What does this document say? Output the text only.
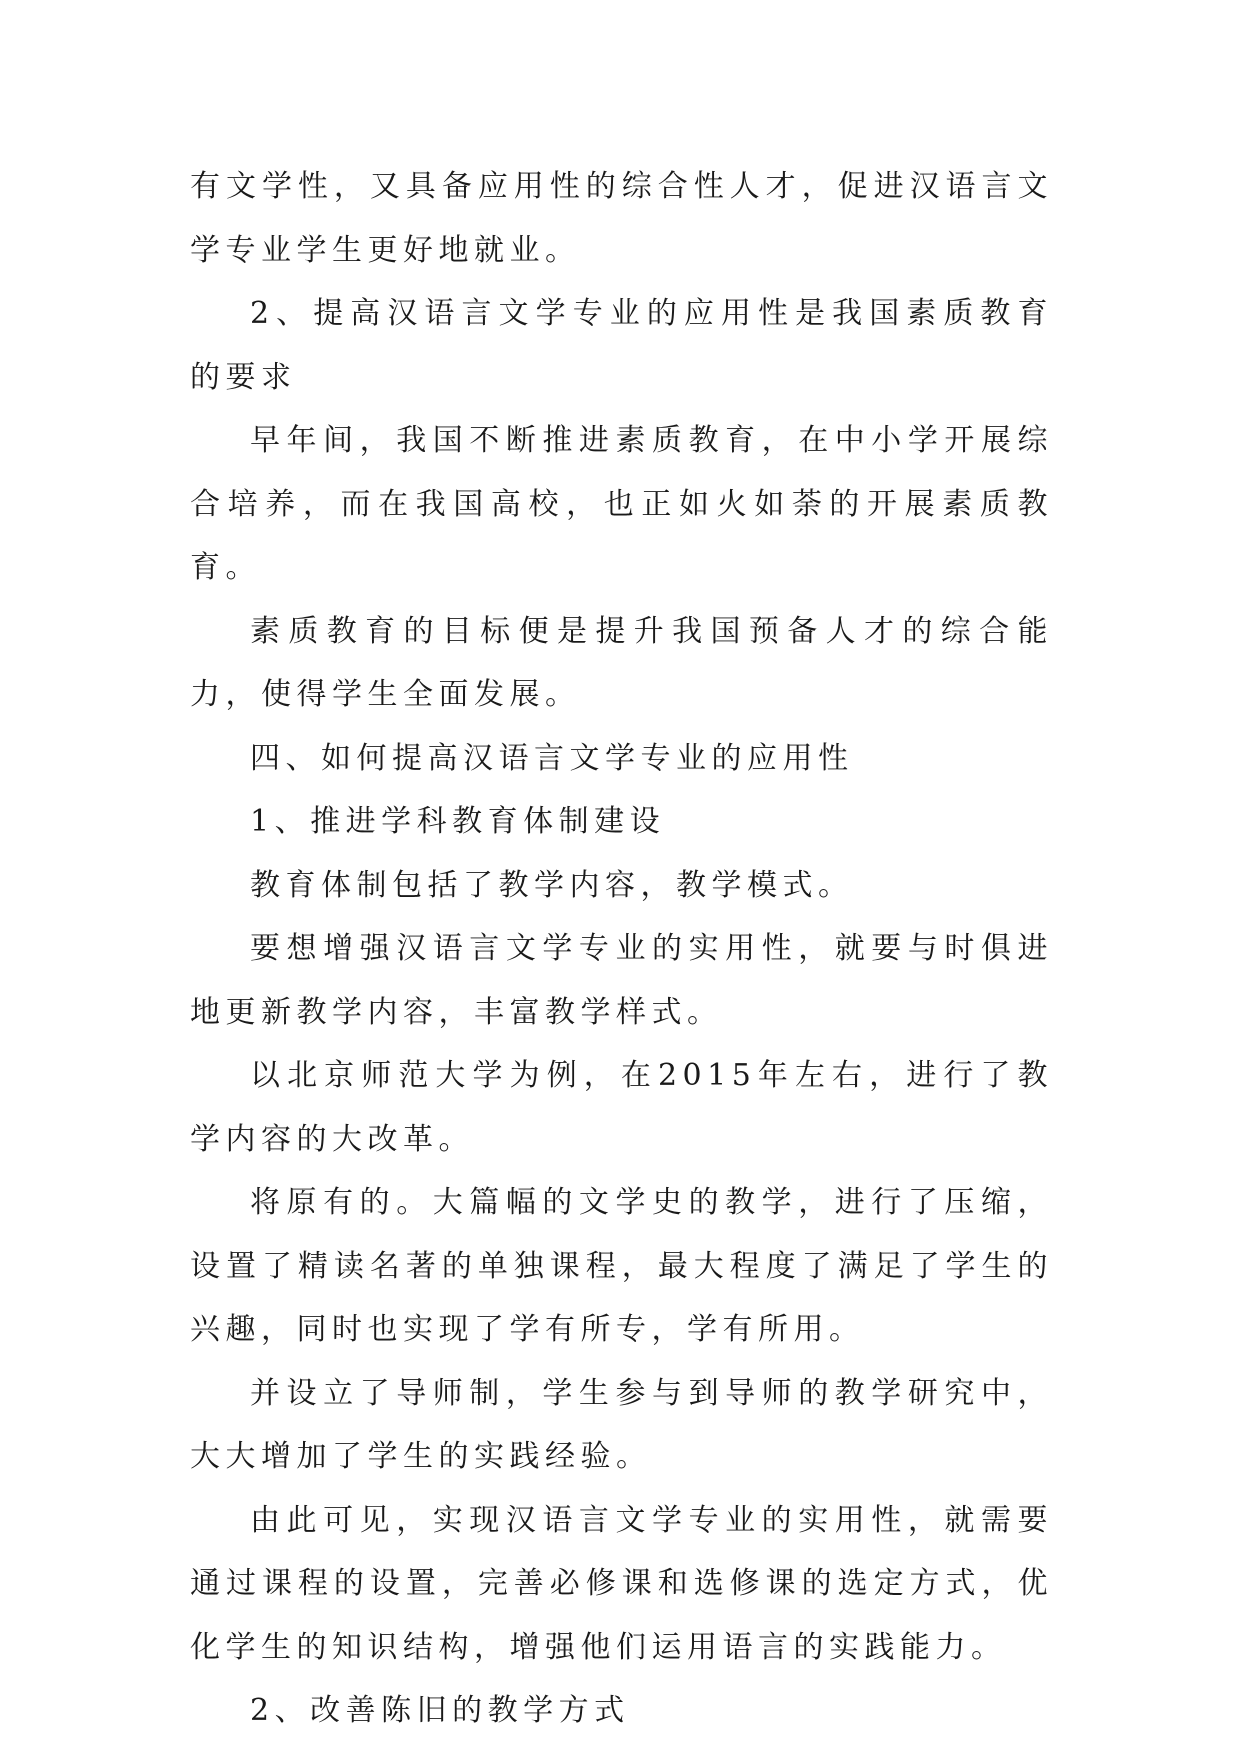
有文学性，又具备应用性的综合性人才，促进汉语言文学专业学生更好地就业。

2、提高汉语言文学专业的应用性是我国素质教育的要求

早年间，我国不断推进素质教育，在中小学开展综合培养，而在我国高校，也正如火如荼的开展素质教育。

素质教育的目标便是提升我国预备人才的综合能力，使得学生全面发展。

四、如何提高汉语言文学专业的应用性

1、推进学科教育体制建设

教育体制包括了教学内容，教学模式。

要想增强汉语言文学专业的实用性，就要与时俱进地更新教学内容，丰富教学样式。

以北京师范大学为例，在2015年左右，进行了教学内容的大改革。

将原有的。大篇幅的文学史的教学，进行了压缩，设置了精读名著的单独课程，最大程度了满足了学生的兴趣，同时也实现了学有所专，学有所用。

并设立了导师制，学生参与到导师的教学研究中，大大增加了学生的实践经验。

由此可见，实现汉语言文学专业的实用性，就需要通过课程的设置，完善必修课和选修课的选定方式，优化学生的知识结构，增强他们运用语言的实践能力。

2、改善陈旧的教学方式
